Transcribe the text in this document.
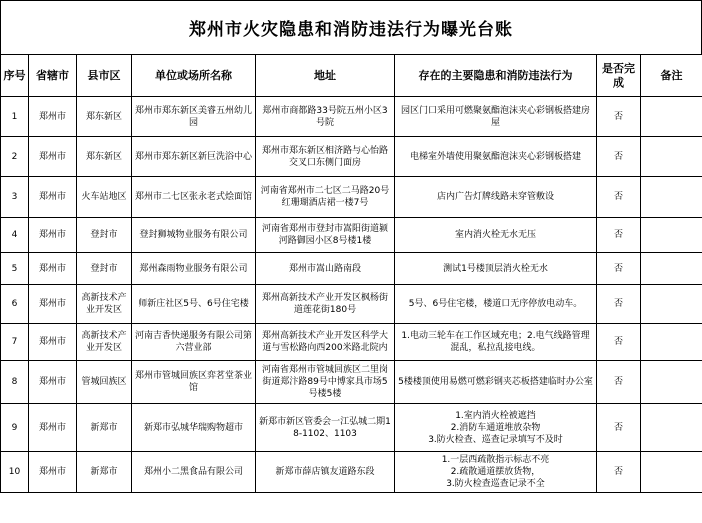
郑州市火灾隐患和消防违法行为曝光台账
序号	省辖市	县市区	单位或场所名称	地址	存在的主要隐患和消防违法行为	是否完成	备注
1	郑州市	郑东新区	郑州市郑东新区美睿五州幼儿园	郑州市商都路33号院五州小区3号院	园区门口采用可燃聚氨酯泡沫夹心彩钢板搭建房屋	否	
2	郑州市	郑东新区	郑州市郑东新区新巨洗浴中心	郑州市郑东新区相济路与心怡路交叉口东侧门面房	电梯室外墙使用聚氨酯泡沫夹心彩钢板搭建	否	
3	郑州市	火车站地区	郑州市二七区张永老式烩面馆	河南省郑州市二七区二马路20号红珊瑚酒店裙一楼7号	店内广告灯牌线路未穿管敷设	否	
4	郑州市	登封市	登封狮城物业服务有限公司	河南省郑州市登封市嵩阳街道颍河路御园小区8号楼1楼	室内消火栓无水无压	否	
5	郑州市	登封市	郑州森雨物业服务有限公司	郑州市嵩山路南段	测试1号楼顶层消火栓无水	否	
6	郑州市	高新技术产业开发区	师新庄社区5号、6号住宅楼	郑州高新技术产业开发区枫杨街道莲花街180号	5号、6号住宅楼，楼道口无序停放电动车。	否	
7	郑州市	高新技术产业开发区	河南吉香快递服务有限公司第六营业部	郑州高新技术产业开发区科学大道与雪松路向西200米路北院内	1.电动三轮车在工作区域充电；2.电气线路管理混乱，私拉乱接电线。	否	
8	郑州市	管城回族区	郑州市管城回族区弈茗堂茶业馆	河南省郑州市管城回族区二里岗街道郑汴路89号中博家具市场5号楼5楼	5楼楼顶使用易燃可燃彩钢夹芯板搭建临时办公室	否	
9	郑州市	新郑市	新郑市弘城华瑞购物超市	新郑市新区管委会一江弘城二期18-1102、1103	1.室内消火栓被遮挡
2.消防车通道堆放杂物
3.防火检查、巡查记录填写不及时	否	
10	郑州市	新郑市	郑州小二黑食品有限公司	新郑市薛店镇友道路东段	1.一层西疏散指示标志不亮
2.疏散通道摆放货物，
3.防火检查巡查记录不全	否	
